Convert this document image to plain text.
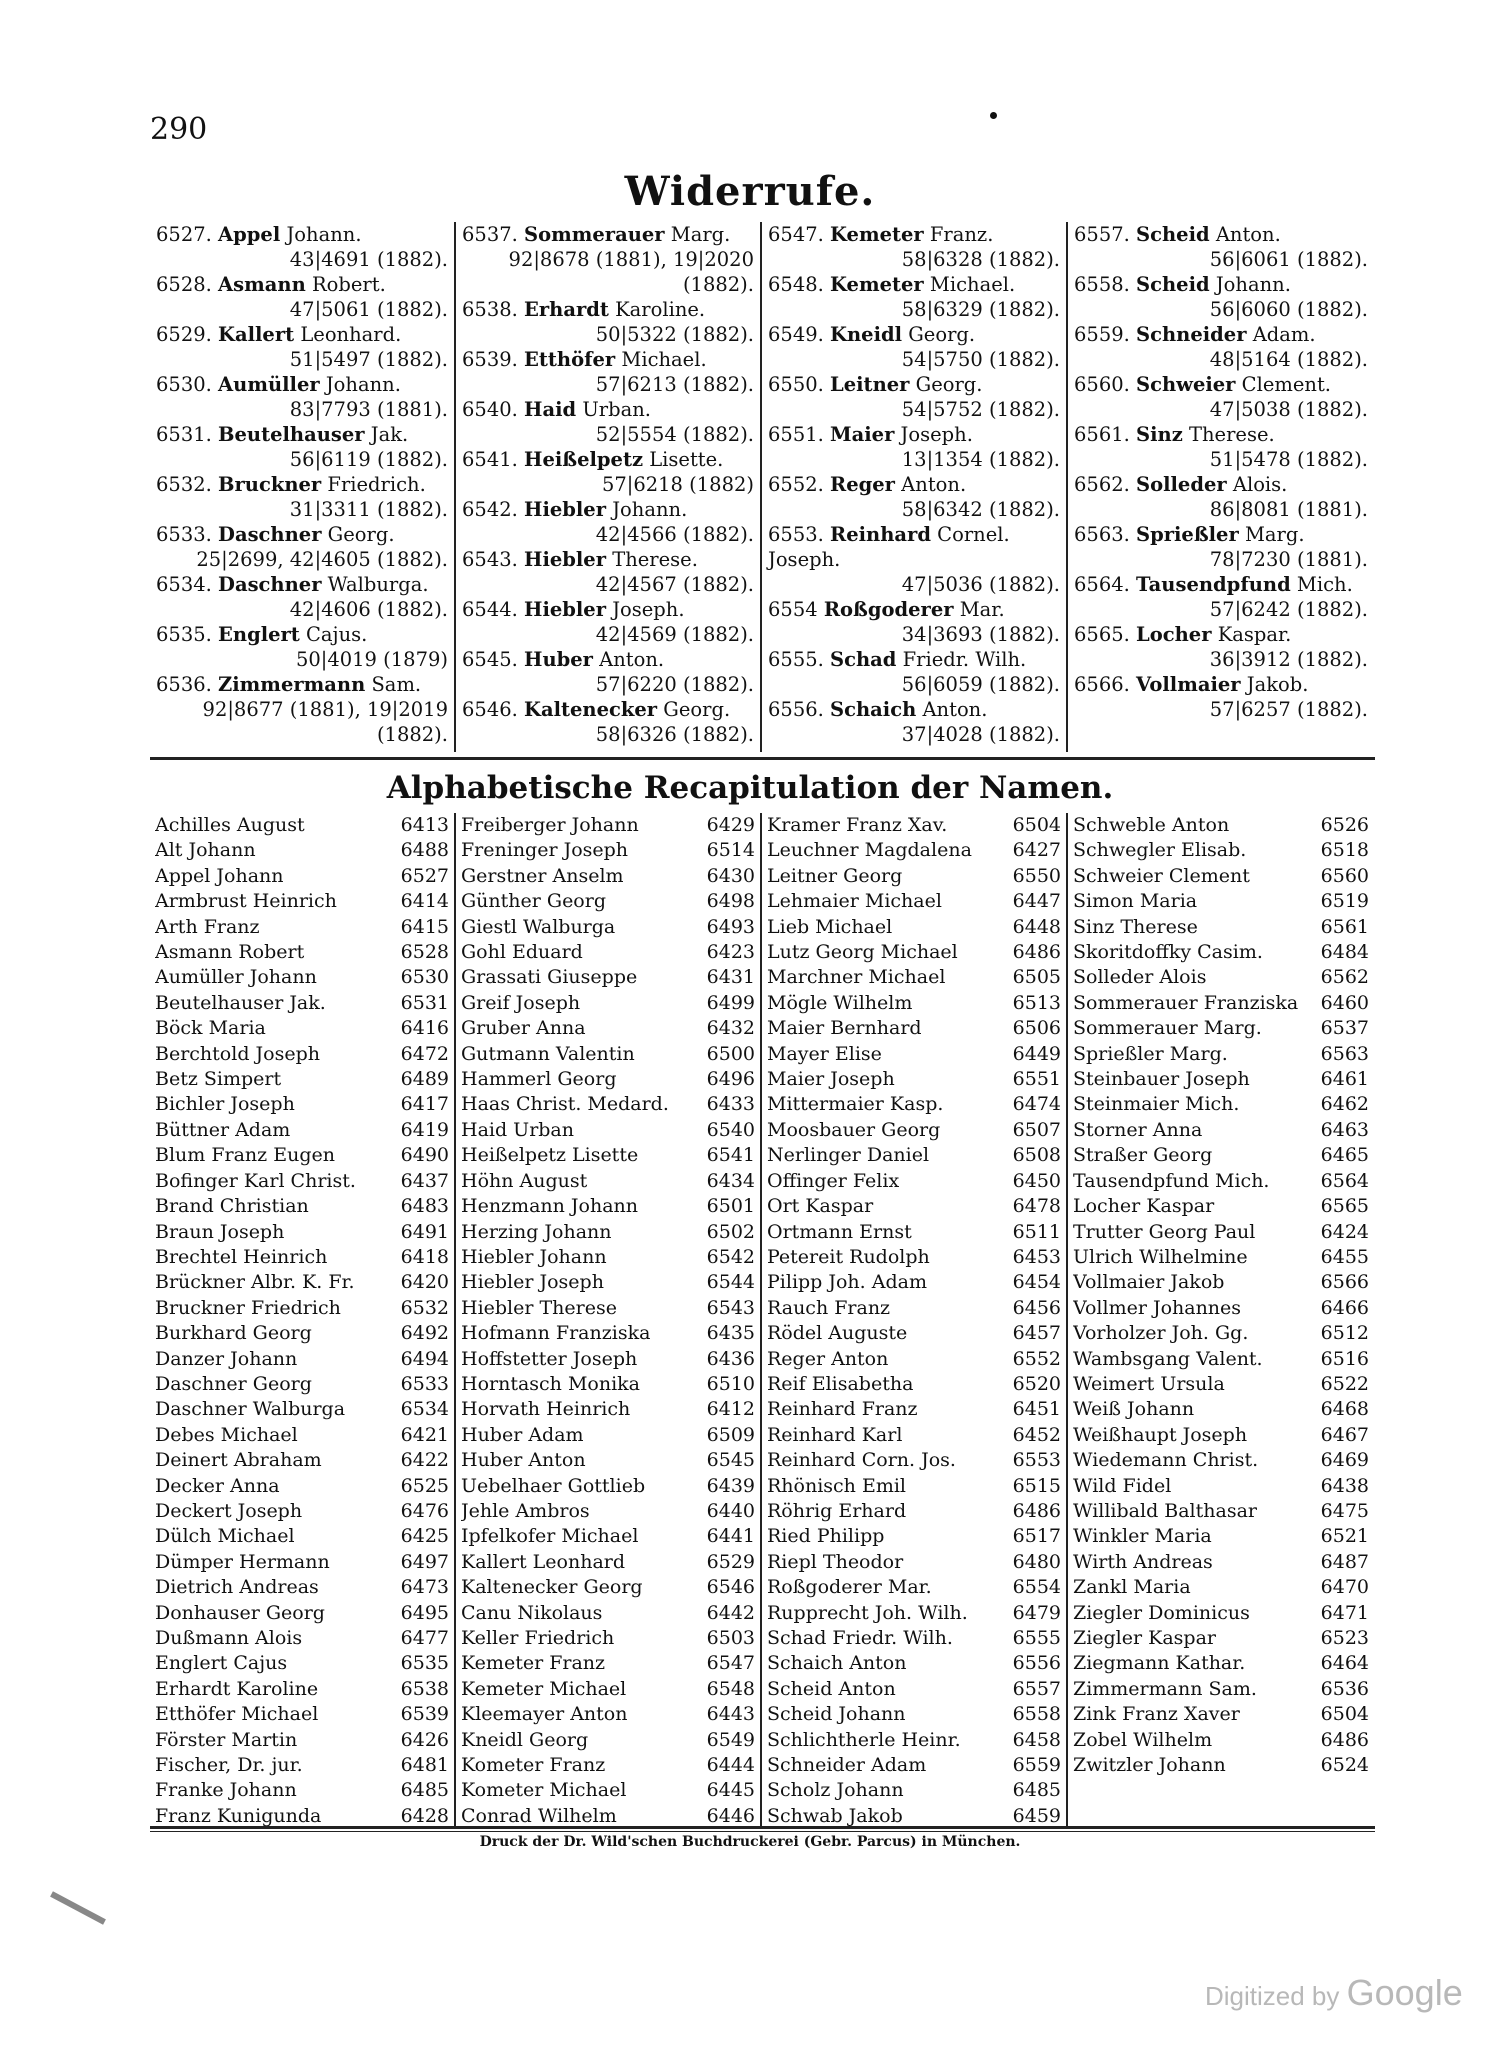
290
Widerrufe.
6527. Appel Johann.
43|4691 (1882).
6528. Asmann Robert.
47|5061 (1882).
6529. Kallert Leonhard.
51|5497 (1882).
6530. Aumüller Johann.
83|7793 (1881).
6531. Beutelhauser Jak.
56|6119 (1882).
6532. Bruckner Friedrich.
31|3311 (1882).
6533. Daschner Georg.
25|2699, 42|4605 (1882).
6534. Daschner Walburga.
42|4606 (1882).
6535. Englert Cajus.
50|4019 (1879)
6536. Zimmermann Sam.
92|8677 (1881), 19|2019 (1882).
6537. Sommerauer Marg.
92|8678 (1881), 19|2020 (1882).
6538. Erhardt Karoline.
50|5322 (1882).
6539. Etthöfer Michael.
57|6213 (1882).
6540. Haid Urban.
52|5554 (1882).
6541. Heißelpetz Lisette.
57|6218 (1882)
6542. Hiebler Johann.
42|4566 (1882).
6543. Hiebler Therese.
42|4567 (1882).
6544. Hiebler Joseph.
42|4569 (1882).
6545. Huber Anton.
57|6220 (1882).
6546. Kaltenecker Georg.
58|6326 (1882).
6547. Kemeter Franz.
58|6328 (1882).
6548. Kemeter Michael.
58|6329 (1882).
6549. Kneidl Georg.
54|5750 (1882).
6550. Leitner Georg.
54|5752 (1882).
6551. Maier Joseph.
13|1354 (1882).
6552. Reger Anton.
58|6342 (1882).
6553. Reinhard Cornel. Joseph.
47|5036 (1882).
6554 Roßgoderer Mar.
34|3693 (1882).
6555. Schad Friedr. Wilh.
56|6059 (1882).
6556. Schaich Anton.
37|4028 (1882).
6557. Scheid Anton.
56|6061 (1882).
6558. Scheid Johann.
56|6060 (1882).
6559. Schneider Adam.
48|5164 (1882).
6560. Schweier Clement.
47|5038 (1882).
6561. Sinz Therese.
51|5478 (1882).
6562. Solleder Alois.
86|8081 (1881).
6563. Sprießler Marg.
78|7230 (1881).
6564. Tausendpfund Mich.
57|6242 (1882).
6565. Locher Kaspar.
36|3912 (1882).
6566. Vollmaier Jakob.
57|6257 (1882).
Alphabetische Recapitulation der Namen.
Achilles August	6413
Alt Johann	6488
Appel Johann	6527
Armbrust Heinrich	6414
Arth Franz	6415
Asmann Robert	6528
Aumüller Johann	6530
Beutelhauser Jak.	6531
Böck Maria	6416
Berchtold Joseph	6472
Betz Simpert	6489
Bichler Joseph	6417
Büttner Adam	6419
Blum Franz Eugen	6490
Bofinger Karl Christ. 6437
Brand Christian	6483
Braun Joseph	6491
Brechtel Heinrich	6418
Brückner Albr. K. Fr. 6420
Bruckner Friedrich	6532
Burkhard Georg	6492
Danzer Johann	6494
Daschner Georg	6533
Daschner Walburga	6534
Debes Michael	6421
Deinert Abraham	6422
Decker Anna	6525
Deckert Joseph	6476
Dülch Michael	6425
Dümper Hermann	6497
Dietrich Andreas	6473
Donhauser Georg	6495
Dußmann Alois	6477
Englert Cajus	6535
Erhardt Karoline	6538
Etthöfer Michael	6539
Förster Martin	6426
Fischer, Dr. jur.	6481
Franke Johann	6485
Franz Kunigunda	6428
Freiberger Johann	6429
Freninger Joseph	6514
Gerstner Anselm	6430
Günther Georg	6498
Giestl Walburga	6493
Gohl Eduard	6423
Grassati Giuseppe	6431
Greif Joseph	6499
Gruber Anna	6432
Gutmann Valentin	6500
Hammerl Georg	6496
Haas Christ. Medard. 6433
Haid Urban	6540
Heißelpetz Lisette	6541
Höhn August	6434
Henzmann Johann	6501
Herzing Johann	6502
Hiebler Johann	6542
Hiebler Joseph	6544
Hiebler Therese	6543
Hofmann Franziska	6435
Hoffstetter Joseph	6436
Horntasch Monika	6510
Horvath Heinrich	6412
Huber Adam	6509
Huber Anton	6545
Uebelhaer Gottlieb	6439
Jehle Ambros	6440
Ipfelkofer Michael	6441
Kallert Leonhard	6529
Kaltenecker Georg	6546
Canu Nikolaus	6442
Keller Friedrich	6503
Kemeter Franz	6547
Kemeter Michael	6548
Kleemayer Anton	6443
Kneidl Georg	6549
Kometer Franz	6444
Kometer Michael	6445
Conrad Wilhelm	6446
Kramer Franz Xav.	6504
Leuchner Magdalena 6427
Leitner Georg	6550
Lehmaier Michael	6447
Lieb Michael	6448
Lutz Georg Michael	6486
Marchner Michael	6505
Mögle Wilhelm	6513
Maier Bernhard	6506
Mayer Elise	6449
Maier Joseph	6551
Mittermaier Kasp.	6474
Moosbauer Georg	6507
Nerlinger Daniel	6508
Offinger Felix	6450
Ort Kaspar	6478
Ortmann Ernst	6511
Petereit Rudolph	6453
Pilipp Joh. Adam	6454
Rauch Franz	6456
Rödel Auguste	6457
Reger Anton	6552
Reif Elisabetha	6520
Reinhard Franz	6451
Reinhard Karl	6452
Reinhard Corn. Jos.	6553
Rhönisch Emil	6515
Röhrig Erhard	6486
Ried Philipp	6517
Riepl Theodor	6480
Roßgoderer Mar.	6554
Rupprecht Joh. Wilh. 6479
Schad Friedr. Wilh.	6555
Schaich Anton	6556
Scheid Anton	6557
Scheid Johann	6558
Schlichtherle Heinr.	6458
Schneider Adam	6559
Scholz Johann	6485
Schwab Jakob	6459
Schweble Anton	6526
Schwegler Elisab.	6518
Schweier Clement	6560
Simon Maria	6519
Sinz Therese	6561
Skoritdoffky Casim.	6484
Solleder Alois	6562
Sommerauer Franziska 6460
Sommerauer Marg.	6537
Sprießler Marg.	6563
Steinbauer Joseph	6461
Steinmaier Mich.	6462
Storner Anna	6463
Straßer Georg	6465
Tausendpfund Mich.	6564
Locher Kaspar	6565
Trutter Georg Paul	6424
Ulrich Wilhelmine	6455
Vollmaier Jakob	6566
Vollmer Johannes	6466
Vorholzer Joh. Gg.	6512
Wambsgang Valent.	6516
Weimert Ursula	6522
Weiß Johann	6468
Weißhaupt Joseph	6467
Wiedemann Christ.	6469
Wild Fidel	6438
Willibald Balthasar	6475
Winkler Maria	6521
Wirth Andreas	6487
Zankl Maria	6470
Ziegler Dominicus	6471
Ziegler Kaspar	6523
Ziegmann Kathar.	6464
Zimmermann Sam.	6536
Zink Franz Xaver	6504
Zobel Wilhelm	6486
Zwitzler Johann	6524
Druck der Dr. Wild'schen Buchdruckerei (Gebr. Parcus) in München.
Digitized by Google
